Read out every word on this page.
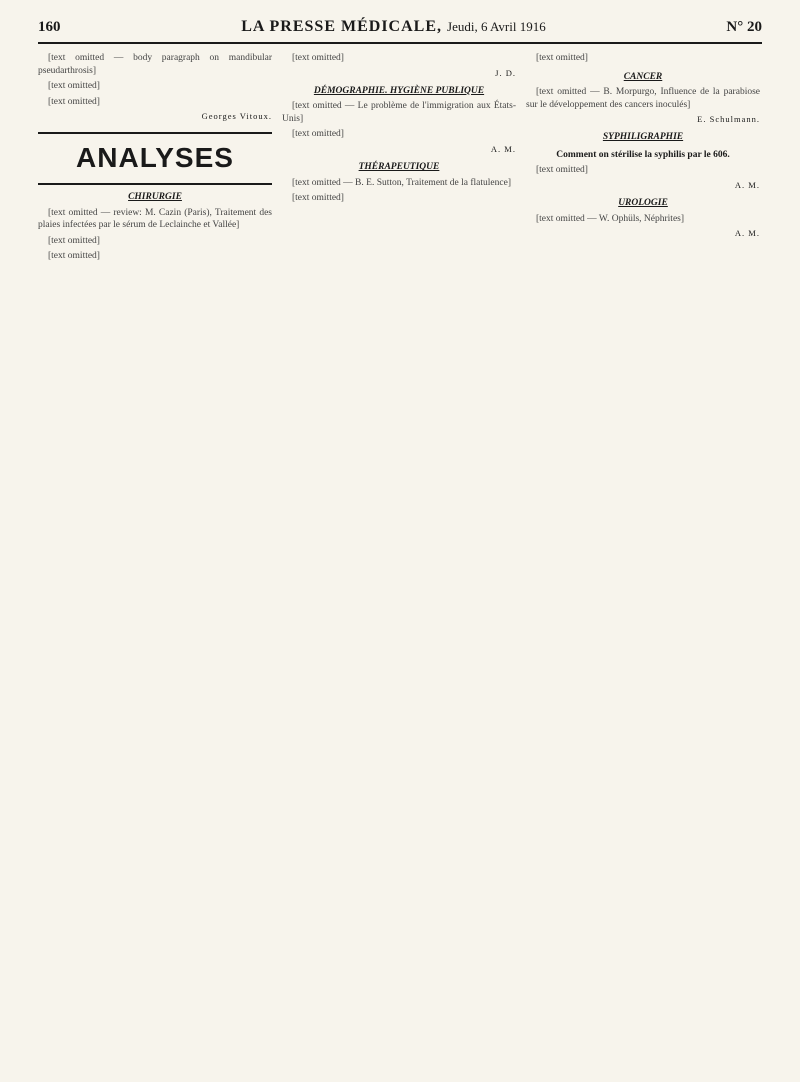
160	LA PRESSE MÉDICALE, Jeudi, 6 Avril 1916	N° 20

[text omitted — body paragraph on mandibular pseudarthrosis]

[text omitted]

[text omitted]

Georges Vitoux.
ANALYSES
CHIRURGIE

[text omitted — review: M. Cazin (Paris), Traitement des plaies infectées par le sérum de Leclainche et Vallée]

[text omitted]

[text omitted]

[text omitted]

J. D.
DÉMOGRAPHIE. HYGIÈNE PUBLIQUE

[text omitted — Le problème de l'immigration aux États-Unis]

[text omitted]

A. M.
THÉRAPEUTIQUE

[text omitted — B. E. Sutton, Traitement de la flatulence]

[text omitted]

[text omitted]

CANCER

[text omitted — B. Morpurgo, Influence de la parabiose sur le développement des cancers inoculés]

E. Schulmann.
SYPHILIGRAPHIE
Comment on stérilise la syphilis par le 606.

[text omitted]

A. M.
UROLOGIE

[text omitted — W. Ophüls, Néphrites]

A. M.
